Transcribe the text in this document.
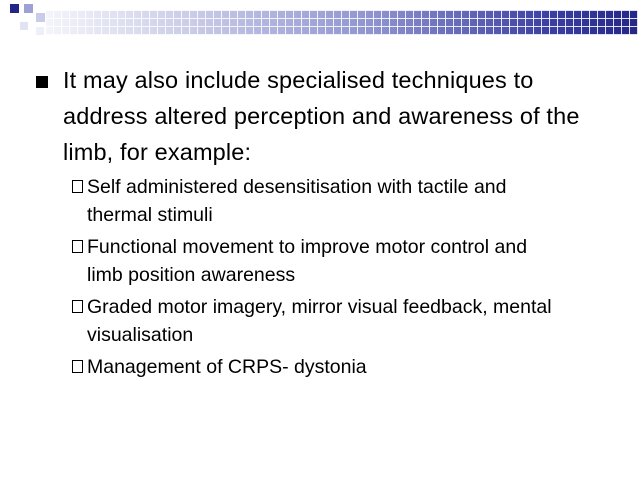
It may also include specialised techniques to address altered perception and awareness of the limb, for example:
Self administered desensitisation with tactile and thermal stimuli
Functional movement to improve motor control and limb position awareness
Graded motor imagery, mirror visual feedback, mental visualisation
Management of CRPS- dystonia
